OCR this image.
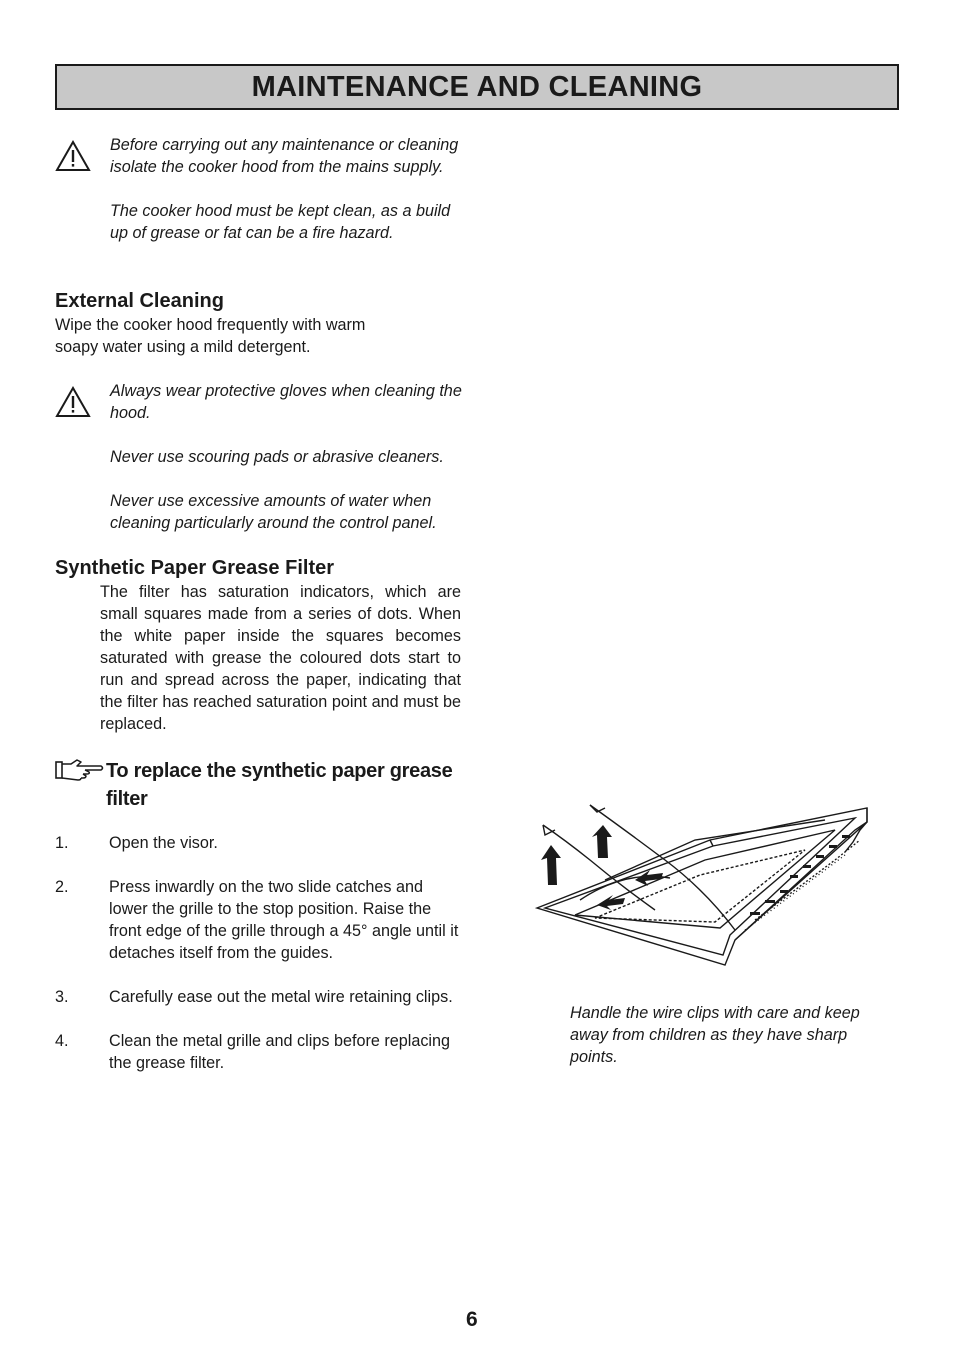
MAINTENANCE AND CLEANING

Before carrying out any maintenance or cleaning isolate the cooker hood from the mains supply.

The cooker hood must be kept clean, as a build up of grease or fat can be a fire hazard.

External Cleaning
Wipe the cooker hood frequently with warm soapy water using a mild detergent.

Always wear protective gloves when cleaning the hood.

Never use scouring pads or abrasive cleaners.

Never use excessive amounts of water when cleaning particularly around the control panel.

Synthetic Paper Grease Filter
The filter has saturation indicators, which are small squares made from a series of dots. When the white paper inside the squares becomes saturated with grease the coloured dots start to run and spread across the paper, indicating that the filter has reached saturation point and must be replaced.
To replace the synthetic paper grease filter
1.	Open the visor.
2.	Press inwardly on the two slide catches and lower the grille to the stop position. Raise the front edge of the grille through a 45° angle until it detaches itself from the guides.
3.	Carefully ease out the metal wire retaining clips.
4.	Clean the metal grille and clips before replacing the grease filter.
Handle the wire clips with care and keep away from children as they have sharp points.
6
